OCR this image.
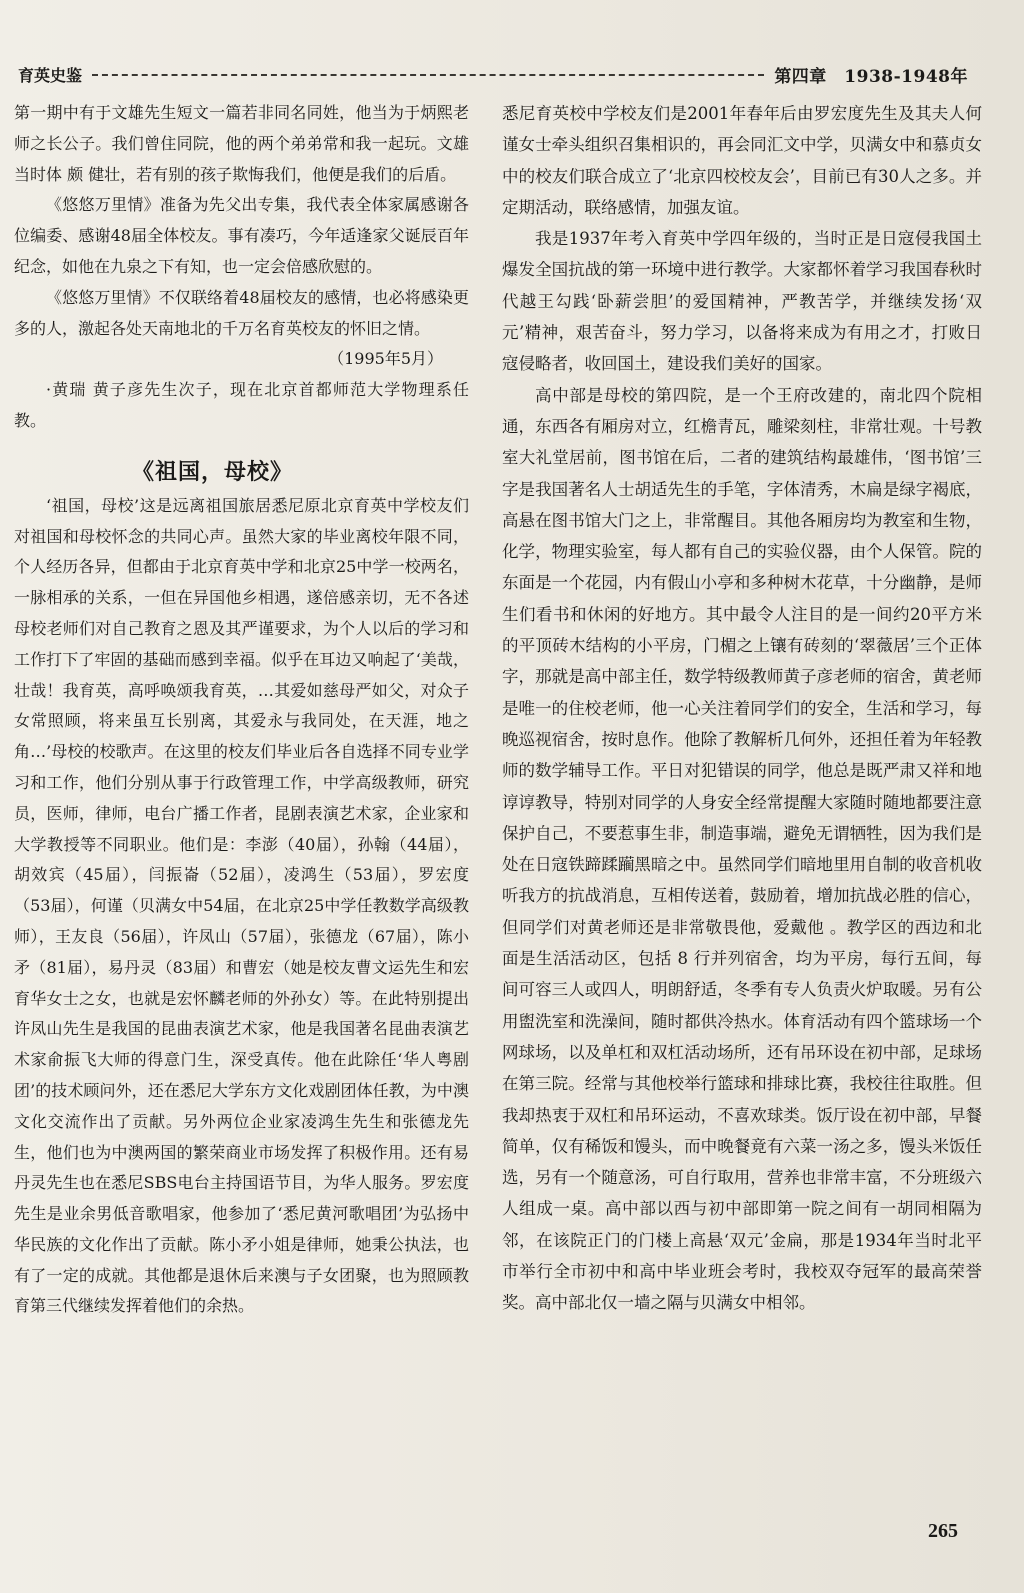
育英史鉴	第四章　1938-1948年

第一期中有于文雄先生短文一篇若非同名同姓，他当为于炳熙老师之长公子。我们曾住同院，他的两个弟弟常和我一起玩。文雄当时体 颇 健壮，若有别的孩子欺悔我们，他便是我们的后盾。

《悠悠万里情》准备为先父出专集，我代表全体家属感谢各位编委、感谢48届全体校友。事有凑巧，今年适逢家父诞辰百年纪念，如他在九泉之下有知，也一定会倍感欣慰的。

《悠悠万里情》不仅联络着48届校友的感情，也必将感染更多的人，激起各处天南地北的千万名育英校友的怀旧之情。

（1995年5月）

·黄瑞 黄子彦先生次子，现在北京首都师范大学物理系任教。

《祖国，母校》

‘祖国，母校’这是远离祖国旅居悉尼原北京育英中学校友们对祖国和母校怀念的共同心声。虽然大家的毕业离校年限不同，个人经历各异，但都由于北京育英中学和北京25中学一校两名，一脉相承的关系，一但在异国他乡相遇，遂倍感亲切，无不各述母校老师们对自己教育之恩及其严谨要求，为个人以后的学习和工作打下了牢固的基础而感到幸福。似乎在耳边又响起了‘美哉，壮哉！我育英，高呼唤颂我育英，…其爱如慈母严如父，对众子女常照顾，将来虽互长别离，其爱永与我同处，在天涯，地之角…’母校的校歌声。在这里的校友们毕业后各自选择不同专业学习和工作，他们分别从事于行政管理工作，中学高级教师，研究员，医师，律师，电台广播工作者，昆剧表演艺术家，企业家和大学教授等不同职业。他们是：李澎（40届），孙翰（44届），胡效宾（45届），闫振崙（52届），凌鸿生（53届），罗宏度（53届），何谨（贝满女中54届，在北京25中学任教数学高级教师），王友良（56届），许凤山（57届），张德龙（67届），陈小矛（81届），易丹灵（83届）和曹宏（她是校友曹文运先生和宏育华女士之女，也就是宏怀麟老师的外孙女）等。在此特别提出许凤山先生是我国的昆曲表演艺术家，他是我国著名昆曲表演艺术家俞振飞大师的得意门生，深受真传。他在此除任‘华人粤剧团’的技术顾问外，还在悉尼大学东方文化戏剧团体任教，为中澳文化交流作出了贡献。另外两位企业家凌鸿生先生和张德龙先生，他们也为中澳两国的繁荣商业市场发挥了积极作用。还有易丹灵先生也在悉尼SBS电台主持国语节目，为华人服务。罗宏度先生是业余男低音歌唱家，他参加了‘悉尼黄河歌唱团’为弘扬中华民族的文化作出了贡献。陈小矛小姐是律师，她秉公执法，也有了一定的成就。其他都是退休后来澳与子女团聚，也为照顾教育第三代继续发挥着他们的余热。

悉尼育英校中学校友们是2001年春年后由罗宏度先生及其夫人何谨女士牵头组织召集相识的，再会同汇文中学，贝满女中和慕贞女中的校友们联合成立了‘北京四校校友会’，目前已有30人之多。并定期活动，联络感情，加强友谊。

我是1937年考入育英中学四年级的，当时正是日寇侵我国土爆发全国抗战的第一环境中进行教学。大家都怀着学习我国春秋时代越王勾践‘卧薪尝胆’的爱国精神，严教苦学，并继续发扬‘双元’精神，艰苦奋斗，努力学习，以备将来成为有用之才，打败日寇侵略者，收回国土，建设我们美好的国家。

高中部是母校的第四院，是一个王府改建的，南北四个院相通，东西各有厢房对立，红檐青瓦，雕梁刻柱，非常壮观。十号教室大礼堂居前，图书馆在后，二者的建筑结构最雄伟，‘图书馆’三字是我国著名人士胡适先生的手笔，字体清秀，木扁是绿字褐底，高悬在图书馆大门之上，非常醒目。其他各厢房均为教室和生物，化学，物理实验室，每人都有自己的实验仪器，由个人保管。院的东面是一个花园，内有假山小亭和多种树木花草，十分幽静，是师生们看书和休闲的好地方。其中最令人注目的是一间约20平方米的平顶砖木结构的小平房，门楣之上镶有砖刻的‘翠薇居’三个正体字，那就是高中部主任，数学特级教师黄子彦老师的宿舍，黄老师是唯一的住校老师，他一心关注着同学们的安全，生活和学习，每晚巡视宿舍，按时息作。他除了教解析几何外，还担任着为年轻教师的数学辅导工作。平日对犯错误的同学，他总是既严肃又祥和地谆谆教导，特别对同学的人身安全经常提醒大家随时随地都要注意保护自己，不要惹事生非，制造事端，避免无谓牺牲，因为我们是处在日寇铁蹄蹂躏黑暗之中。虽然同学们暗地里用自制的收音机收听我方的抗战消息，互相传送着，鼓励着，增加抗战必胜的信心，但同学们对黄老师还是非常敬畏他，爱戴他 。教学区的西边和北面是生活活动区，包括 8 行并列宿舍，均为平房，每行五间，每间可容三人或四人，明朗舒适，冬季有专人负责火炉取暖。另有公用盥洗室和洗澡间，随时都供冷热水。体育活动有四个篮球场一个网球场，以及单杠和双杠活动场所，还有吊环设在初中部，足球场在第三院。经常与其他校举行篮球和排球比赛，我校往往取胜。但我却热衷于双杠和吊环运动，不喜欢球类。饭厅设在初中部，早餐简单，仅有稀饭和馒头，而中晚餐竟有六菜一汤之多，馒头米饭任选，另有一个随意汤，可自行取用，营养也非常丰富，不分班级六人组成一桌。高中部以西与初中部即第一院之间有一胡同相隔为邻，在该院正门的门楼上高悬‘双元’金扁，那是1934年当时北平市举行全市初中和高中毕业班会考时，我校双夺冠军的最高荣誉奖。高中部北仅一墙之隔与贝满女中相邻。

265
